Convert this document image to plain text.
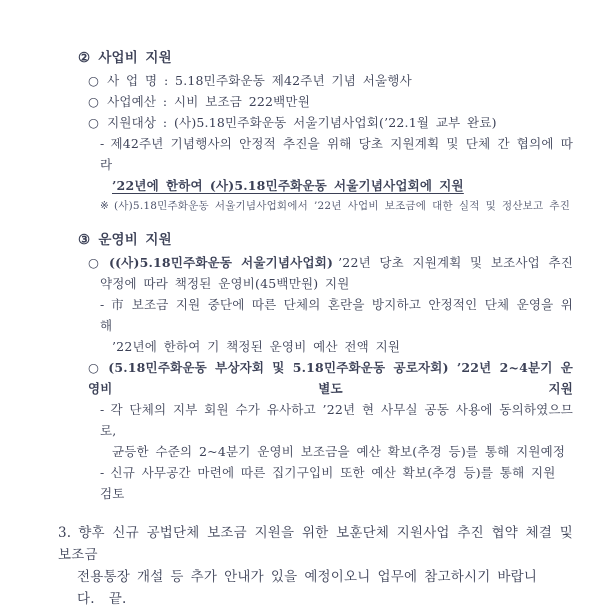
② 사업비 지원
○ 사 업 명 : 5.18민주화운동 제42주년 기념 서울행사
○ 사업예산 : 시비 보조금 222백만원
○ 지원대상 : (사)5.18민주화운동 서울기념사업회(’22.1월 교부 완료)
- 제42주년 기념행사의 안정적 추진을 위해 당초 지원계획 및 단체 간 협의에 따라
’22년에 한하여 (사)5.18민주화운동 서울기념사업회에 지원
※ (사)5.18민주화운동 서울기념사업회에서 ’22년 사업비 보조금에 대한 실적 및 정산보고 추진
③ 운영비 지원
○ ((사)5.18민주화운동 서울기념사업회) ’22년 당초 지원계획 및 보조사업 추진
약정에 따라 책정된 운영비(45백만원) 지원
- 市 보조금 지원 중단에 따른 단체의 혼란을 방지하고 안정적인 단체 운영을 위해
’22년에 한하여 기 책정된 운영비 예산 전액 지원
○ (5.18민주화운동 부상자회 및 5.18민주화운동 공로자회) ’22년 2~4분기 운영비 별도 지원
- 각 단체의 지부 회원 수가 유사하고 ’22년 현 사무실 공동 사용에 동의하였으므로,
균등한 수준의 2~4분기 운영비 보조금을 예산 확보(추경 등)를 통해 지원예정
- 신규 사무공간 마련에 따른 집기구입비 또한 예산 확보(추경 등)를 통해 지원 검토
3. 향후 신규 공법단체 보조금 지원을 위한 보훈단체 지원사업 추진 협약 체결 및 보조금
전용통장 개설 등 추가 안내가 있을 예정이오니 업무에 참고하시기 바랍니다.  끝.
